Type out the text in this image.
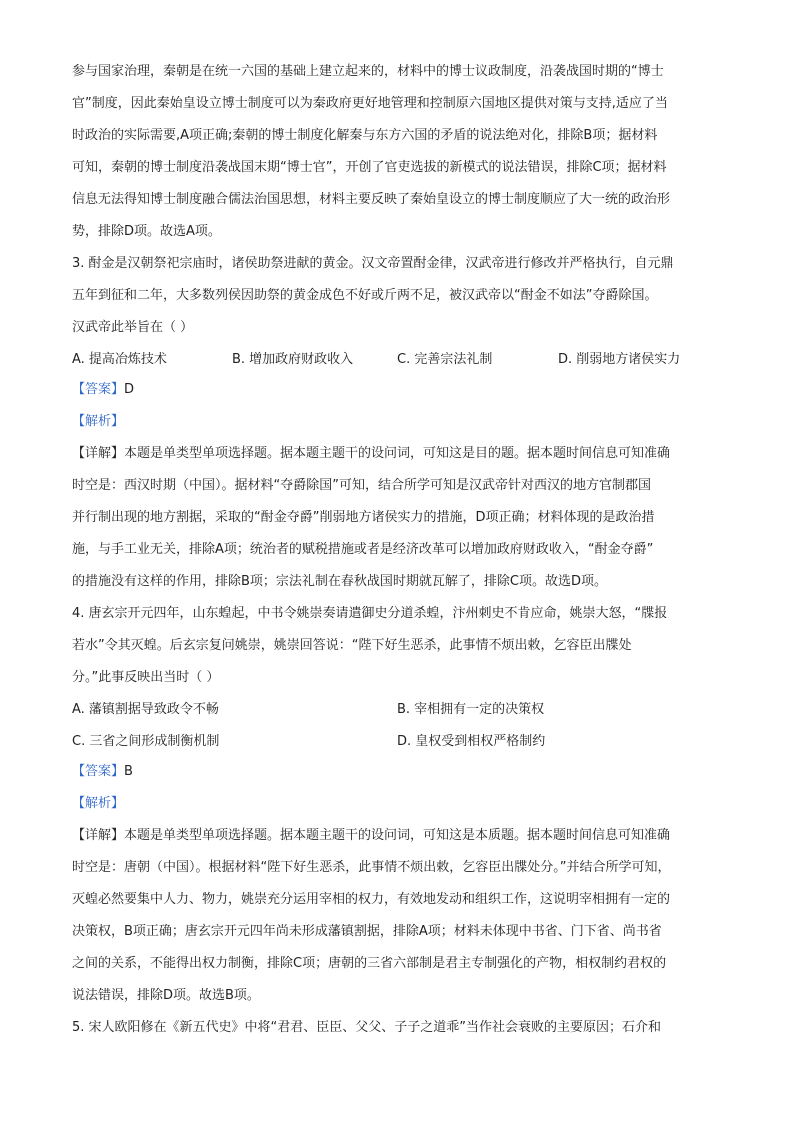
参与国家治理，秦朝是在统一六国的基础上建立起来的，材料中的博士议政制度，沿袭战国时期的“博士
官”制度，因此秦始皇设立博士制度可以为秦政府更好地管理和控制原六国地区提供对策与支持,适应了当
时政治的实际需要,A项正确;秦朝的博士制度化解秦与东方六国的矛盾的说法绝对化，排除B项；据材料
可知，秦朝的博士制度沿袭战国末期“博士官”，开创了官吏选拔的新模式的说法错误，排除C项；据材料
信息无法得知博士制度融合儒法治国思想，材料主要反映了秦始皇设立的博士制度顺应了大一统的政治形
势，排除D项。故选A项。
3. 酎金是汉朝祭祀宗庙时，诸侯助祭进献的黄金。汉文帝置酎金律，汉武帝进行修改并严格执行，自元鼎
五年到征和二年，大多数列侯因助祭的黄金成色不好或斤两不足，被汉武帝以“酎金不如法”夺爵除国。
汉武帝此举旨在（ ）
A. 提高冶炼技术	B. 增加政府财政收入	C. 完善宗法礼制	D. 削弱地方诸侯实力
【答案】D
【解析】
【详解】本题是单类型单项选择题。据本题主题干的设问词，可知这是目的题。据本题时间信息可知准确
时空是：西汉时期（中国）。据材料“夺爵除国”可知，结合所学可知是汉武帝针对西汉的地方官制郡国
并行制出现的地方割据，采取的“酎金夺爵”削弱地方诸侯实力的措施，D项正确；材料体现的是政治措
施，与手工业无关，排除A项；统治者的赋税措施或者是经济改革可以增加政府财政收入，“酎金夺爵”
的措施没有这样的作用，排除B项；宗法礼制在春秋战国时期就瓦解了，排除C项。故选D项。
4. 唐玄宗开元四年，山东蝗起，中书令姚崇奏请遣御史分道杀蝗，汴州刺史不肯应命，姚崇大怒，“牒报
若水”令其灭蝗。后玄宗复问姚崇，姚崇回答说：“陛下好生恶杀，此事情不烦出敕，乞容臣出牒处
分。”此事反映出当时（ ）
A. 藩镇割据导致政令不畅	B. 宰相拥有一定的决策权
C. 三省之间形成制衡机制	D. 皇权受到相权严格制约
【答案】B
【解析】
【详解】本题是单类型单项选择题。据本题主题干的设问词，可知这是本质题。据本题时间信息可知准确
时空是：唐朝（中国）。根据材料“陛下好生恶杀，此事情不烦出敕，乞容臣出牒处分。”并结合所学可知，
灭蝗必然要集中人力、物力，姚崇充分运用宰相的权力，有效地发动和组织工作，这说明宰相拥有一定的
决策权，B项正确；唐玄宗开元四年尚未形成藩镇割据，排除A项；材料未体现中书省、门下省、尚书省
之间的关系，不能得出权力制衡，排除C项；唐朝的三省六部制是君主专制强化的产物，相权制约君权的
说法错误，排除D项。故选B项。
5. 宋人欧阳修在《新五代史》中将“君君、臣臣、父父、子子之道乖”当作社会衰败的主要原因；石介和
